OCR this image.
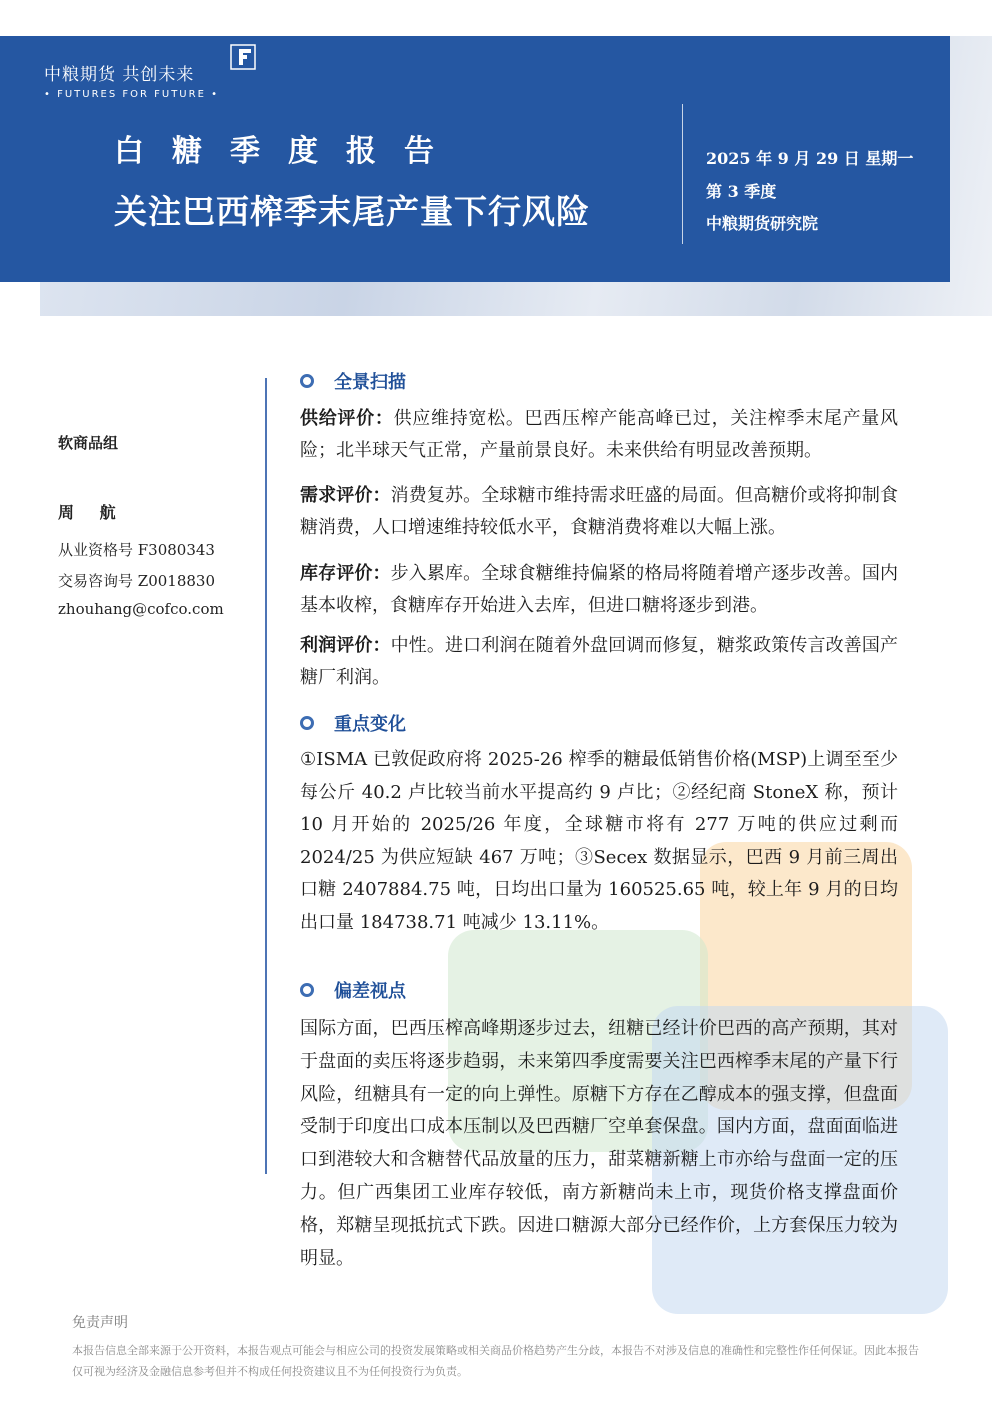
中粮期货 共创未来
• FUTURES FOR FUTURE •
白糖季度报告
关注巴西榨季末尾产量下行风险
2025 年 9 月 29 日 星期一
第 3 季度
中粮期货研究院
软商品组
周 航
从业资格号 F3080343
交易咨询号 Z0018830
zhouhang@cofco.com
全景扫描
供给评价：供应维持宽松。巴西压榨产能高峰已过，关注榨季末尾产量风险；北半球天气正常，产量前景良好。未来供给有明显改善预期。
需求评价：消费复苏。全球糖市维持需求旺盛的局面。但高糖价或将抑制食糖消费，人口增速维持较低水平，食糖消费将难以大幅上涨。
库存评价：步入累库。全球食糖维持偏紧的格局将随着增产逐步改善。国内基本收榨，食糖库存开始进入去库，但进口糖将逐步到港。
利润评价：中性。进口利润在随着外盘回调而修复，糖浆政策传言改善国产糖厂利润。
重点变化
①ISMA 已敦促政府将 2025-26 榨季的糖最低销售价格(MSP)上调至至少每公斤 40.2 卢比较当前水平提高约 9 卢比；②经纪商 StoneX 称，预计 10 月开始的 2025/26 年度，全球糖市将有 277 万吨的供应过剩而 2024/25 为供应短缺 467 万吨；③Secex 数据显示，巴西 9 月前三周出口糖 2407884.75 吨，日均出口量为 160525.65 吨，较上年 9 月的日均出口量 184738.71 吨减少 13.11%。
偏差视点
国际方面，巴西压榨高峰期逐步过去，纽糖已经计价巴西的高产预期，其对于盘面的卖压将逐步趋弱，未来第四季度需要关注巴西榨季末尾的产量下行风险，纽糖具有一定的向上弹性。原糖下方存在乙醇成本的强支撑，但盘面受制于印度出口成本压制以及巴西糖厂空单套保盘。国内方面，盘面面临进口到港较大和含糖替代品放量的压力，甜菜糖新糖上市亦给与盘面一定的压力。但广西集团工业库存较低，南方新糖尚未上市，现货价格支撑盘面价格，郑糖呈现抵抗式下跌。因进口糖源大部分已经作价，上方套保压力较为明显。
免责声明
本报告信息全部来源于公开资料，本报告观点可能会与相应公司的投资发展策略或相关商品价格趋势产生分歧，本报告不对涉及信息的准确性和完整性作任何保证。因此本报告仅可视为经济及金融信息参考但并不构成任何投资建议且不为任何投资行为负责。
